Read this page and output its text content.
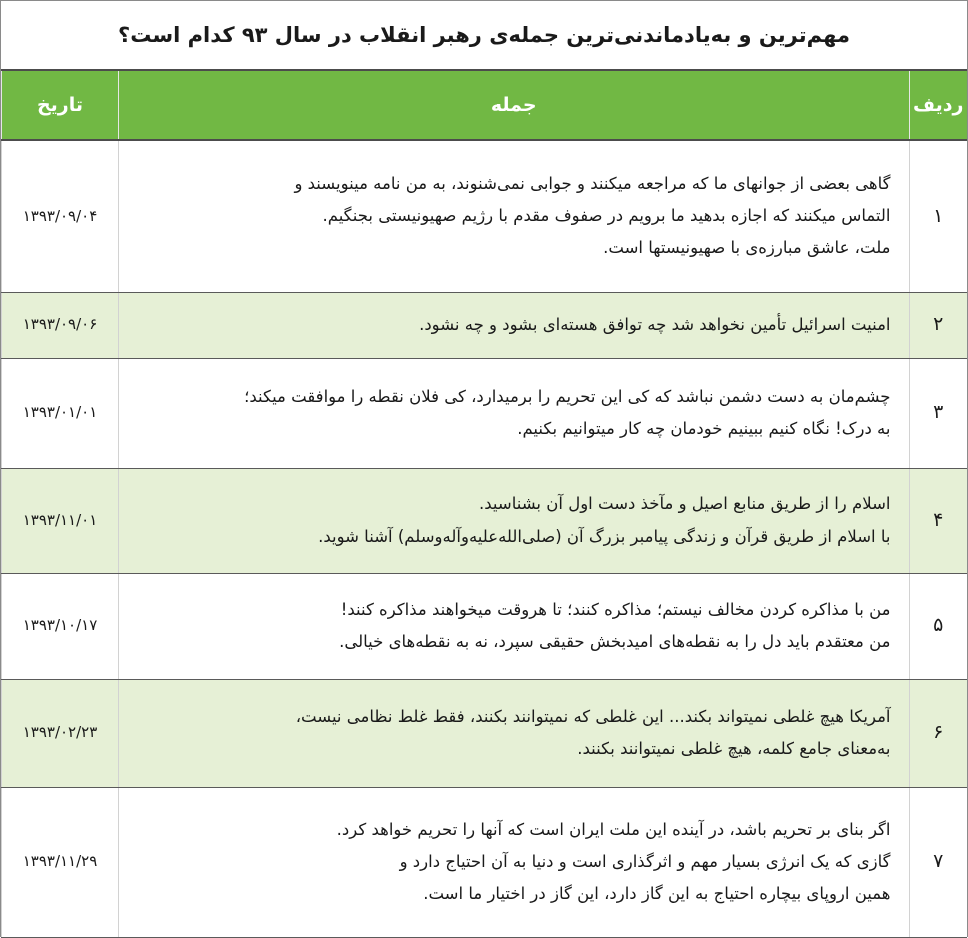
مهم‌ترین و به‌یادماندنی‌ترین جمله‌ی رهبر انقلاب در سال ۹۳ کدام است؟
ردیف	جمله	تاریخ
۱	گاهی بعضی از جوانهای ما که مراجعه میکنند و جوابی نمی‌شنوند، به من نامه مینویسند و
التماس میکنند که اجازه بدهید ما برویم در صفوف مقدم با رژیم صهیونیستی بجنگیم.
ملت، عاشق مبارزه‌ی با صهیونیستها است.	۱۳۹۳/۰۹/۰۴
۲	امنیت اسرائیل تأمین نخواهد شد چه توافق هسته‌ای بشود و چه نشود.	۱۳۹۳/۰۹/۰۶
۳	چشم‌مان به دست دشمن نباشد که کی این تحریم را برمیدارد، کی فلان نقطه را موافقت میکند؛
به درک! نگاه کنیم ببینیم خودمان چه کار میتوانیم بکنیم.	۱۳۹۳/۰۱/۰۱
۴	اسلام را از طریق منابع اصیل و مآخذ دست اول آن بشناسید.
با اسلام از طریق قرآن و زندگی پیامبر بزرگ آن (صلی‌الله‌علیه‌وآله‌وسلم) آشنا شوید.	۱۳۹۳/۱۱/۰۱
۵	من با مذاکره کردن مخالف نیستم؛ مذاکره کنند؛ تا هروقت میخواهند مذاکره کنند!
من معتقدم باید دل را به نقطه‌های امیدبخش حقیقی سپرد، نه به نقطه‌های خیالی.	۱۳۹۳/۱۰/۱۷
۶	آمریکا هیچ غلطی نمیتواند بکند... این غلطی که نمیتوانند بکنند، فقط غلط نظامی نیست،
به‌معنای جامع کلمه، هیچ غلطی نمیتوانند بکنند.	۱۳۹۳/۰۲/۲۳
۷	اگر بنای بر تحریم باشد، در آینده این ملت ایران است که آنها را تحریم خواهد کرد.
گازی که یک انرژی بسیار مهم و اثرگذاری است و دنیا به آن احتیاج دارد و
همین اروپای بیچاره احتیاج به این گاز دارد، این گاز در اختیار ما است.	۱۳۹۳/۱۱/۲۹
